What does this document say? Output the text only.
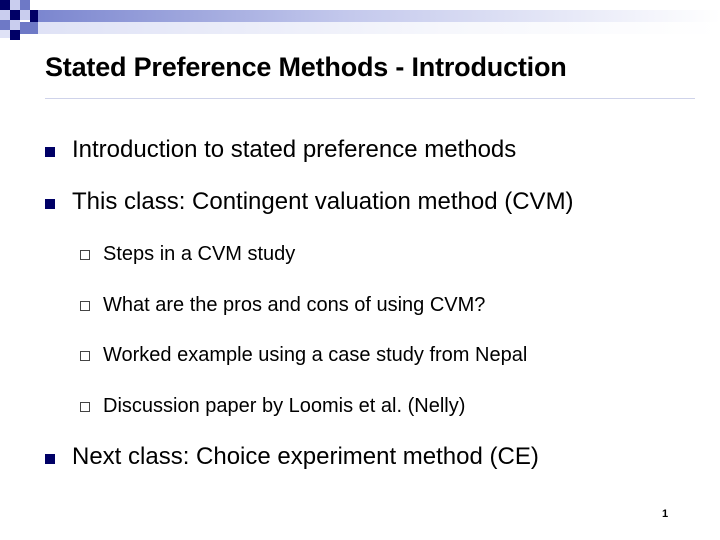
Stated Preference Methods - Introduction
Introduction to stated preference methods
This class: Contingent valuation method (CVM)
Steps in a CVM study
What are the pros and cons of using CVM?
Worked example using a case study from Nepal
Discussion paper by Loomis et al. (Nelly)
Next class: Choice experiment method (CE)
1
